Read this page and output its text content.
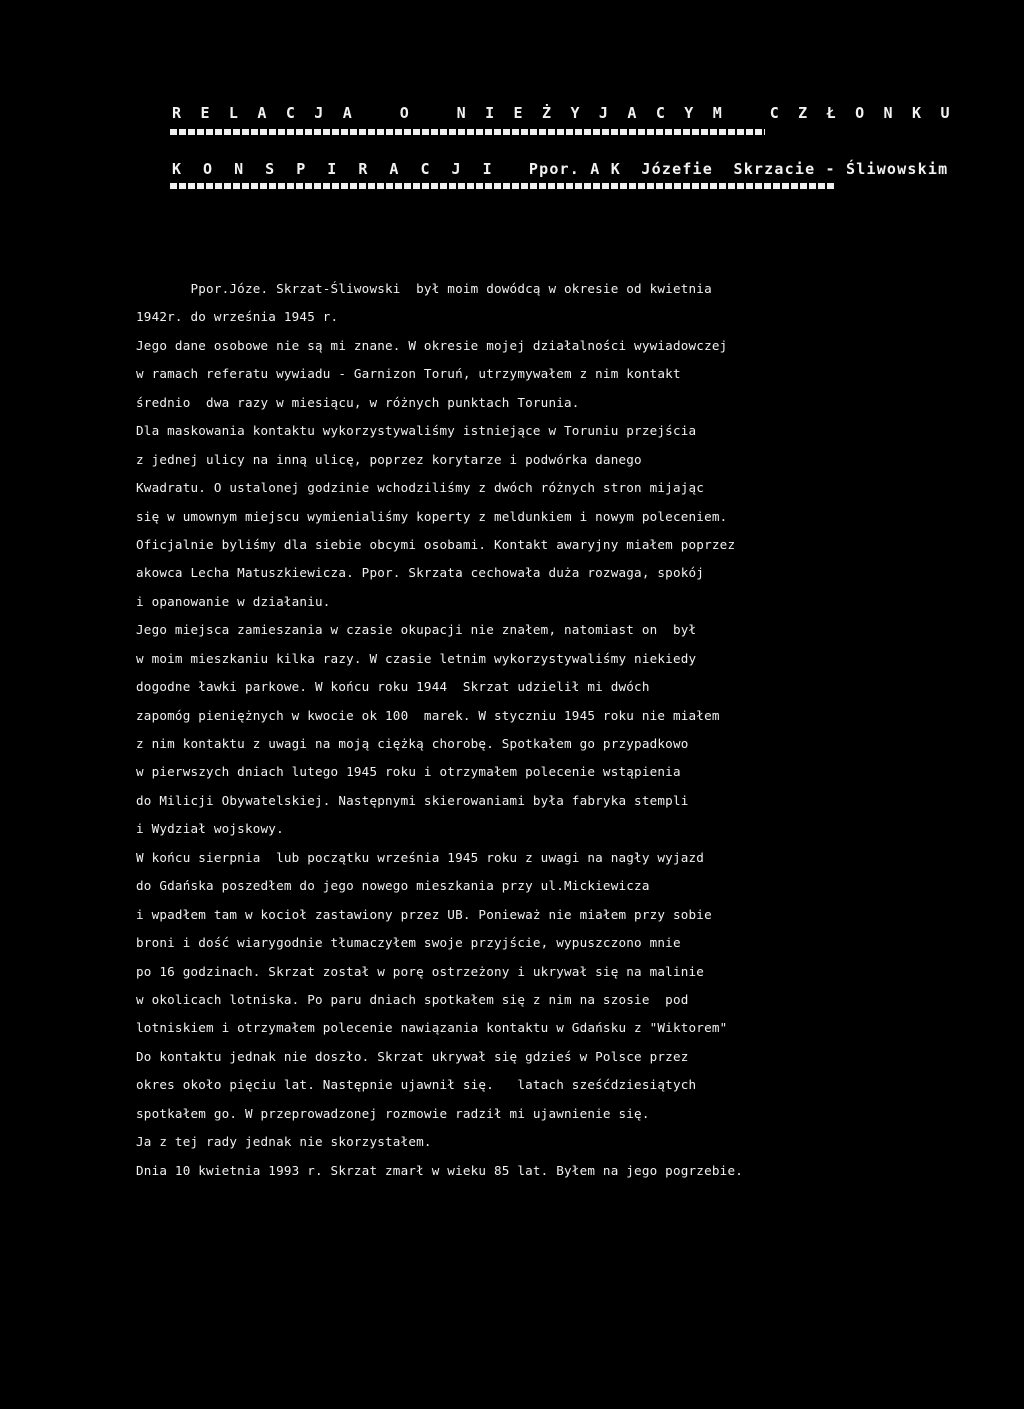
R E L A C J A   O   N I E Ż Y J A C Y M   C Z Ł O N K U
K O N S P I R A C J I Ppor. A K  Józefie  Skrzacie - Śliwowskim
Ppor.Józe. Skrzat-Śliwowski  był moim dowódcą w okresie od kwietnia
1942r. do września 1945 r.
Jego dane osobowe nie są mi znane. W okresie mojej działalności wywiadowczej
w ramach referatu wywiadu - Garnizon Toruń, utrzymywałem z nim kontakt
średnio  dwa razy w miesiącu, w różnych punktach Torunia.
Dla maskowania kontaktu wykorzystywaliśmy istniejące w Toruniu przejścia
z jednej ulicy na inną ulicę, poprzez korytarze i podwórka danego
Kwadratu. O ustalonej godzinie wchodziliśmy z dwóch różnych stron mijając
się w umownym miejscu wymienialiśmy koperty z meldunkiem i nowym poleceniem.
Oficjalnie byliśmy dla siebie obcymi osobami. Kontakt awaryjny miałem poprzez
akowca Lecha Matuszkiewicza. Ppor. Skrzata cechowała duża rozwaga, spokój
i opanowanie w działaniu.
Jego miejsca zamieszania w czasie okupacji nie znałem, natomiast on  był
w moim mieszkaniu kilka razy. W czasie letnim wykorzystywaliśmy niekiedy
dogodne ławki parkowe. W końcu roku 1944  Skrzat udzielił mi dwóch
zapomóg pieniężnych w kwocie ok 100  marek. W styczniu 1945 roku nie miałem
z nim kontaktu z uwagi na moją ciężką chorobę. Spotkałem go przypadkowo
w pierwszych dniach lutego 1945 roku i otrzymałem polecenie wstąpienia
do Milicji Obywatelskiej. Następnymi skierowaniami była fabryka stempli
i Wydział wojskowy.
W końcu sierpnia  lub początku września 1945 roku z uwagi na nagły wyjazd
do Gdańska poszedłem do jego nowego mieszkania przy ul.Mickiewicza
i wpadłem tam w kocioł zastawiony przez UB. Ponieważ nie miałem przy sobie
broni i dość wiarygodnie tłumaczyłem swoje przyjście, wypuszczono mnie
po 16 godzinach. Skrzat został w porę ostrzeżony i ukrywał się na malinie
w okolicach lotniska. Po paru dniach spotkałem się z nim na szosie  pod
lotniskiem i otrzymałem polecenie nawiązania kontaktu w Gdańsku z "Wiktorem"
Do kontaktu jednak nie doszło. Skrzat ukrywał się gdzieś w Polsce przez
okres około pięciu lat. Następnie ujawnił się.   latach sześćdziesiątych
spotkałem go. W przeprowadzonej rozmowie radził mi ujawnienie się.
Ja z tej rady jednak nie skorzystałem.
Dnia 10 kwietnia 1993 r. Skrzat zmarł w wieku 85 lat. Byłem na jego pogrzebie.
